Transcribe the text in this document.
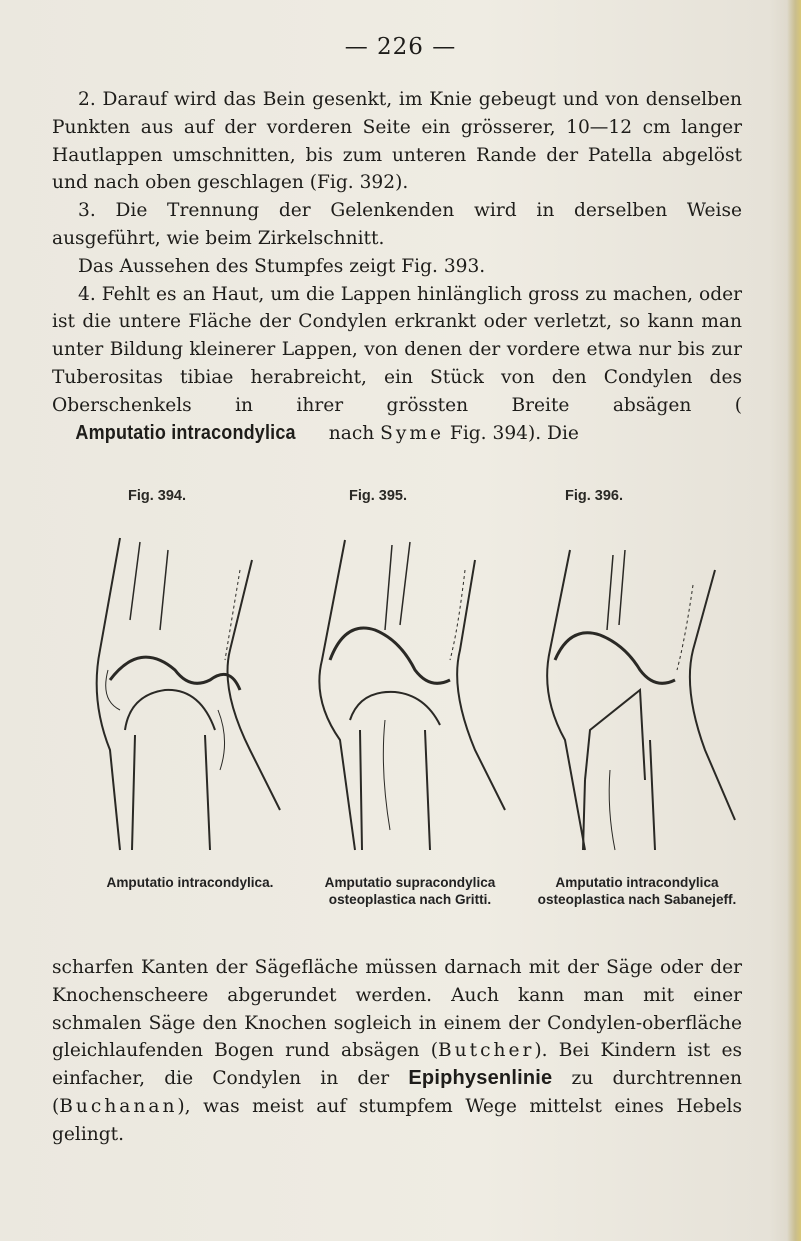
— 226 —

2. Darauf wird das Bein gesenkt, im Knie gebeugt und von denselben Punkten aus auf der vorderen Seite ein grösserer, 10—12 cm langer Hautlappen umschnitten, bis zum unteren Rande der Patella abgelöst und nach oben geschlagen (Fig. 392).

3. Die Trennung der Gelenkenden wird in derselben Weise ausgeführt, wie beim Zirkelschnitt.

Das Aussehen des Stumpfes zeigt Fig. 393.

4. Fehlt es an Haut, um die Lappen hinlänglich gross zu machen, oder ist die untere Fläche der Condylen erkrankt oder verletzt, so kann man unter Bildung kleinerer Lappen, von denen der vordere etwa nur bis zur Tuberositas tibiae herabreicht, ein Stück von den Condylen des Oberschenkels in ihrer grössten Breite absägen (Amputatio intracondylica nach Syme Fig. 394). Die

Fig. 394.	Fig. 395.	Fig. 396.
Amputatio intracondylica.	Amputatio supracondylica
osteoplastica nach Gritti.
Amputatio intracondylica
osteoplastica nach Sabanejeff.

scharfen Kanten der Sägefläche müssen darnach mit der Säge oder der Knochenscheere abgerundet werden. Auch kann man mit einer schmalen Säge den Knochen sogleich in einem der Condylen-oberfläche gleichlaufenden Bogen rund absägen (Butcher). Bei Kindern ist es einfacher, die Condylen in der Epiphysenlinie zu durchtrennen (Buchanan), was meist auf stumpfem Wege mittelst eines Hebels gelingt.
